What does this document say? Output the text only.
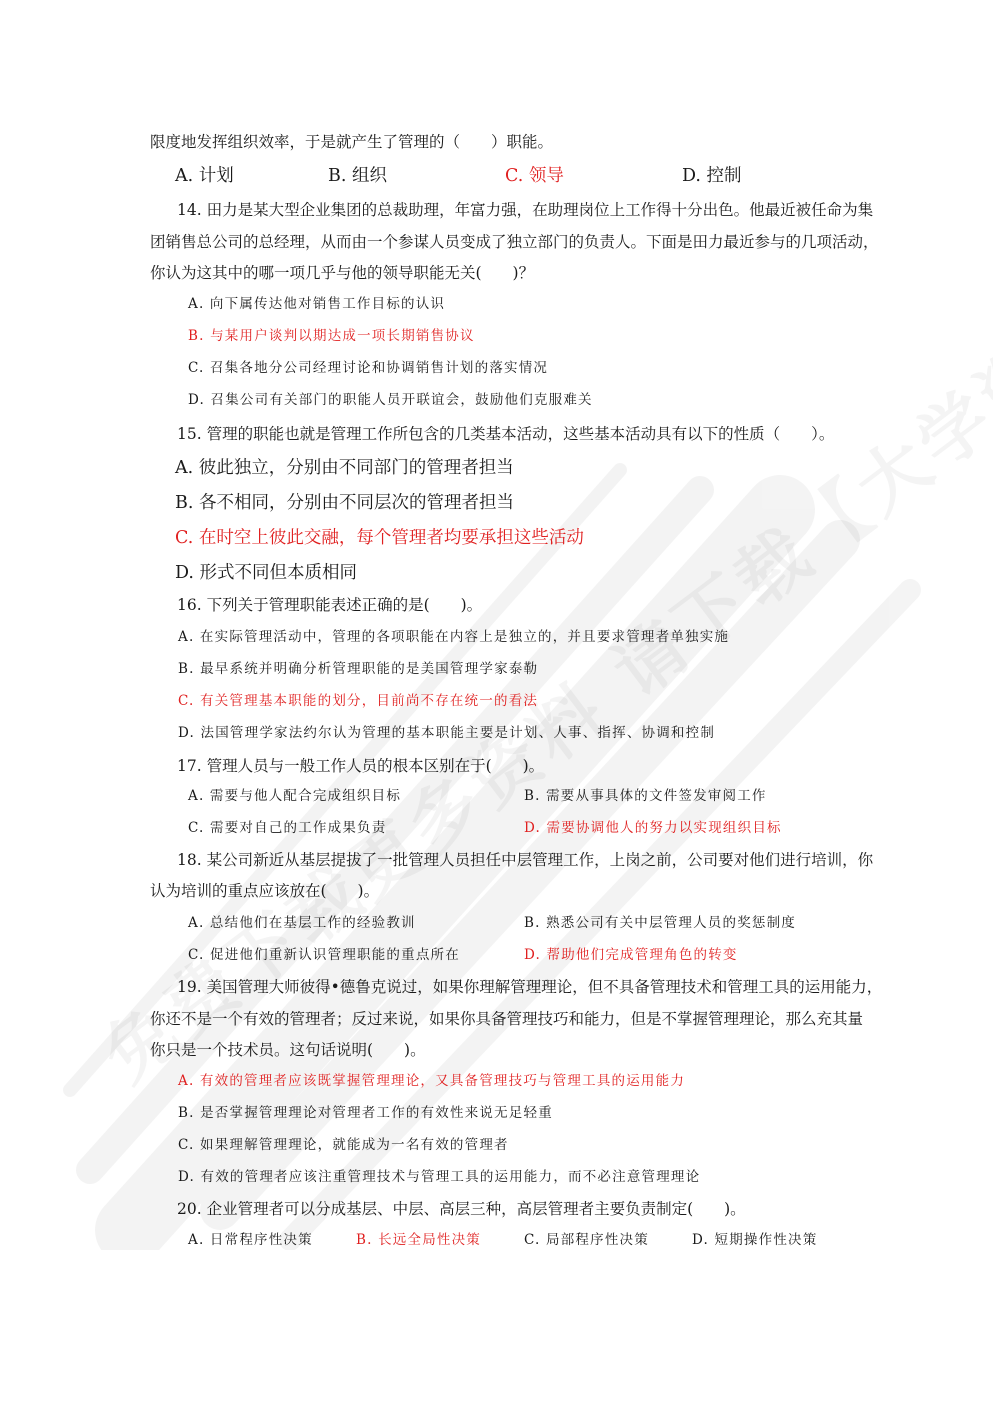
限度地发挥组织效率，于是就产生了管理的（　　）职能。
A. 计划	B. 组织	C. 领导	D. 控制
14. 田力是某大型企业集团的总裁助理，年富力强，在助理岗位上工作得十分出色。他最近被任命为集
团销售总公司的总经理，从而由一个参谋人员变成了独立部门的负责人。下面是田力最近参与的几项活动，
你认为这其中的哪一项几乎与他的领导职能无关(　　)？
A. 向下属传达他对销售工作目标的认识
B. 与某用户谈判以期达成一项长期销售协议
C. 召集各地分公司经理讨论和协调销售计划的落实情况
D. 召集公司有关部门的职能人员开联谊会，鼓励他们克服难关
15. 管理的职能也就是管理工作所包含的几类基本活动，这些基本活动具有以下的性质（　　）。
A. 彼此独立，分别由不同部门的管理者担当
B. 各不相同，分别由不同层次的管理者担当
C. 在时空上彼此交融，每个管理者均要承担这些活动
D. 形式不同但本质相同
16. 下列关于管理职能表述正确的是(　　)。
A. 在实际管理活动中，管理的各项职能在内容上是独立的，并且要求管理者单独实施
B. 最早系统并明确分析管理职能的是美国管理学家泰勒
C. 有关管理基本职能的划分，目前尚不存在统一的看法
D. 法国管理学家法约尔认为管理的基本职能主要是计划、人事、指挥、协调和控制
17. 管理人员与一般工作人员的根本区别在于(　　)。
A. 需要与他人配合完成组织目标	B. 需要从事具体的文件签发审阅工作
C. 需要对自己的工作成果负责	D. 需要协调他人的努力以实现组织目标
18. 某公司新近从基层提拔了一批管理人员担任中层管理工作，上岗之前，公司要对他们进行培训，你
认为培训的重点应该放在(　　)。
A. 总结他们在基层工作的经验教训	B. 熟悉公司有关中层管理人员的奖惩制度
C. 促进他们重新认识管理职能的重点所在	D. 帮助他们完成管理角色的转变
19. 美国管理大师彼得•德鲁克说过，如果你理解管理理论，但不具备管理技术和管理工具的运用能力，
你还不是一个有效的管理者；反过来说，如果你具备管理技巧和能力，但是不掌握管理理论，那么充其量
你只是一个技术员。这句话说明(　　)。
A. 有效的管理者应该既掌握管理理论，又具备管理技巧与管理工具的运用能力
B. 是否掌握管理理论对管理者工作的有效性来说无足轻重
C. 如果理解管理理论，就能成为一名有效的管理者
D. 有效的管理者应该注重管理技术与管理工具的运用能力，而不必注意管理理论
20. 企业管理者可以分成基层、中层、高层三种，高层管理者主要负责制定(　　)。
A. 日常程序性决策	B. 长远全局性决策	C. 局部程序性决策	D. 短期操作性决策
